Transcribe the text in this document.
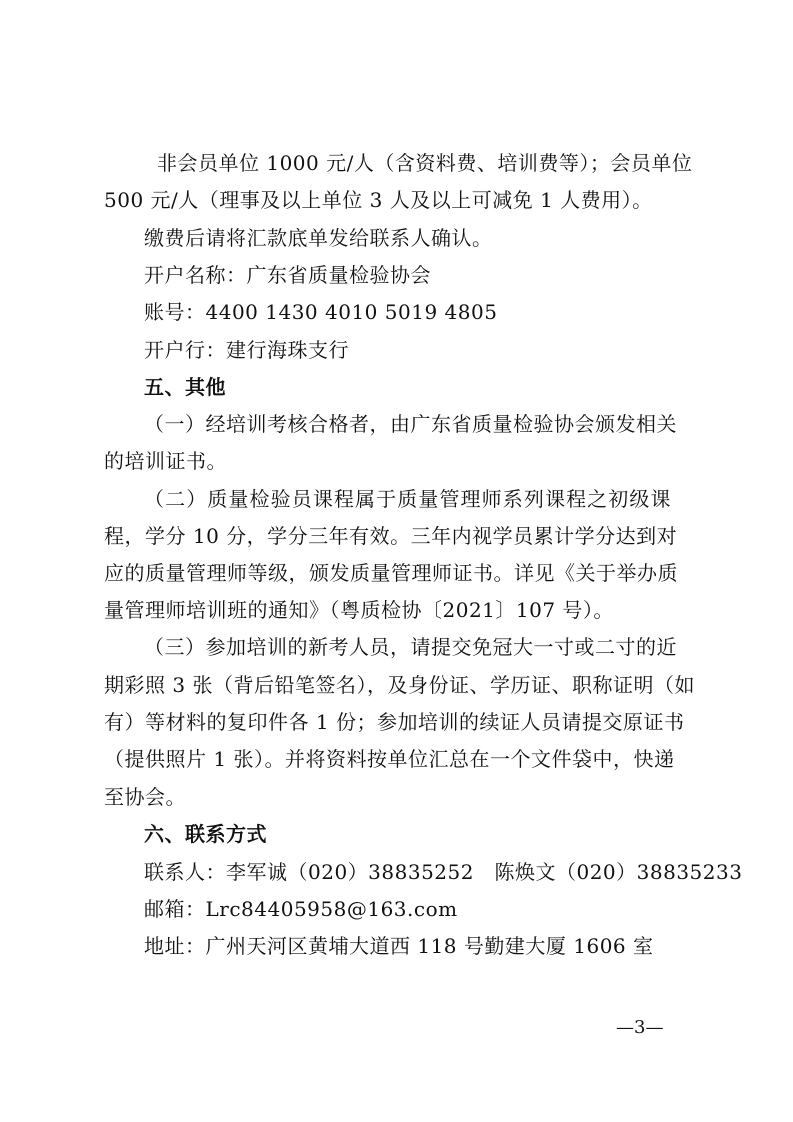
非会员单位 1000 元/人（含资料费、培训费等）；会员单位
500 元/人（理事及以上单位 3 人及以上可减免 1 人费用）。
缴费后请将汇款底单发给联系人确认。
开户名称：广东省质量检验协会
账号：4400 1430 4010 5019 4805
开户行：建行海珠支行
五、其他
（一）经培训考核合格者，由广东省质量检验协会颁发相关
的培训证书。
（二）质量检验员课程属于质量管理师系列课程之初级课
程，学分 10 分，学分三年有效。三年内视学员累计学分达到对
应的质量管理师等级，颁发质量管理师证书。详见《关于举办质
量管理师培训班的通知》（粤质检协〔2021〕107 号）。
（三）参加培训的新考人员，请提交免冠大一寸或二寸的近
期彩照 3 张（背后铅笔签名），及身份证、学历证、职称证明（如
有）等材料的复印件各 1 份；参加培训的续证人员请提交原证书
（提供照片 1 张）。并将资料按单位汇总在一个文件袋中，快递
至协会。
六、联系方式
联系人：李军诚（020）38835252　陈焕文（020）38835233
邮箱：Lrc84405958@163.com
地址：广州天河区黄埔大道西 118 号勤建大厦 1606 室
—3—
